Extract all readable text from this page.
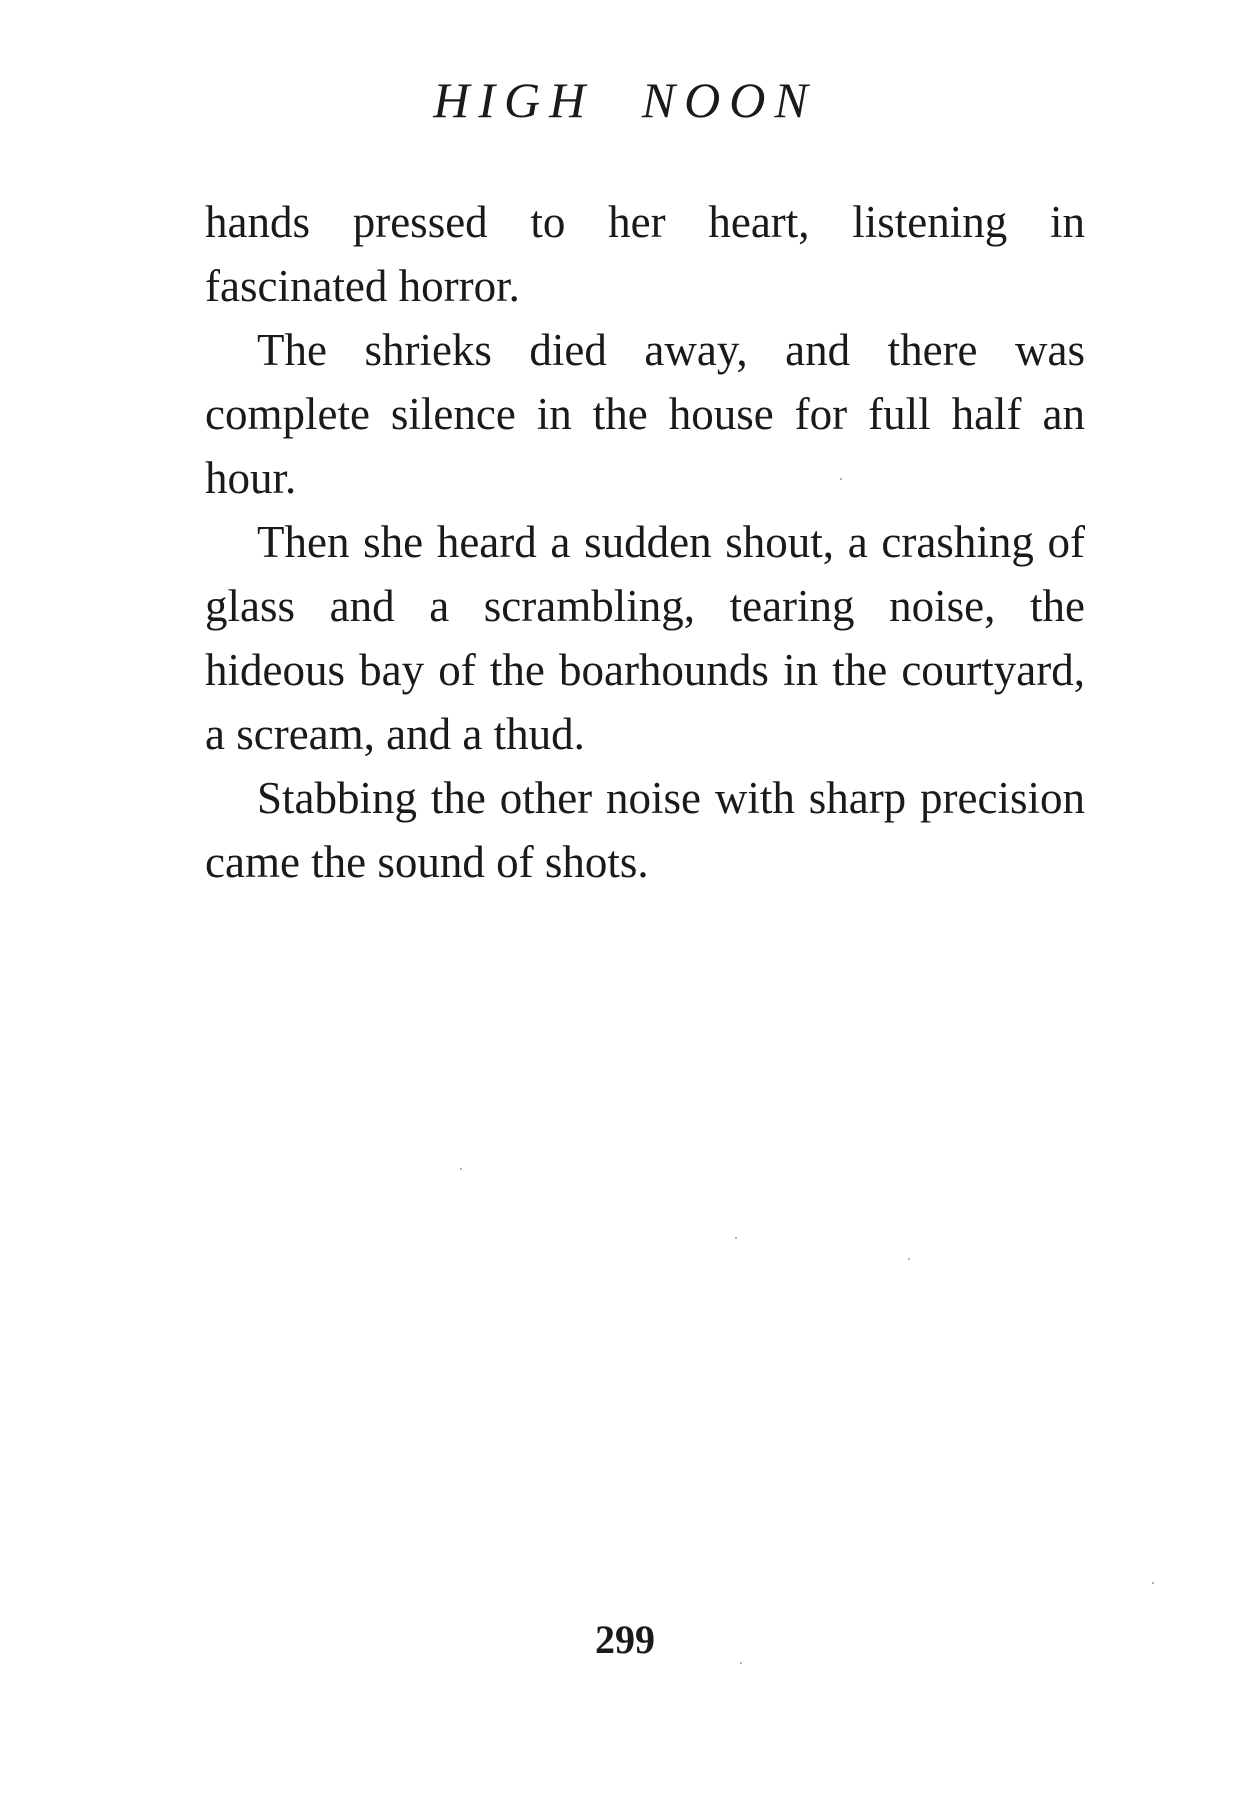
HIGH NOON

hands pressed to her heart, listening in fascinated horror.

The shrieks died away, and there was complete silence in the house for full half an hour.

Then she heard a sudden shout, a crashing of glass and a scrambling, tearing noise, the hideous bay of the boarhounds in the courtyard, a scream, and a thud.

Stabbing the other noise with sharp precision came the sound of shots.

299
